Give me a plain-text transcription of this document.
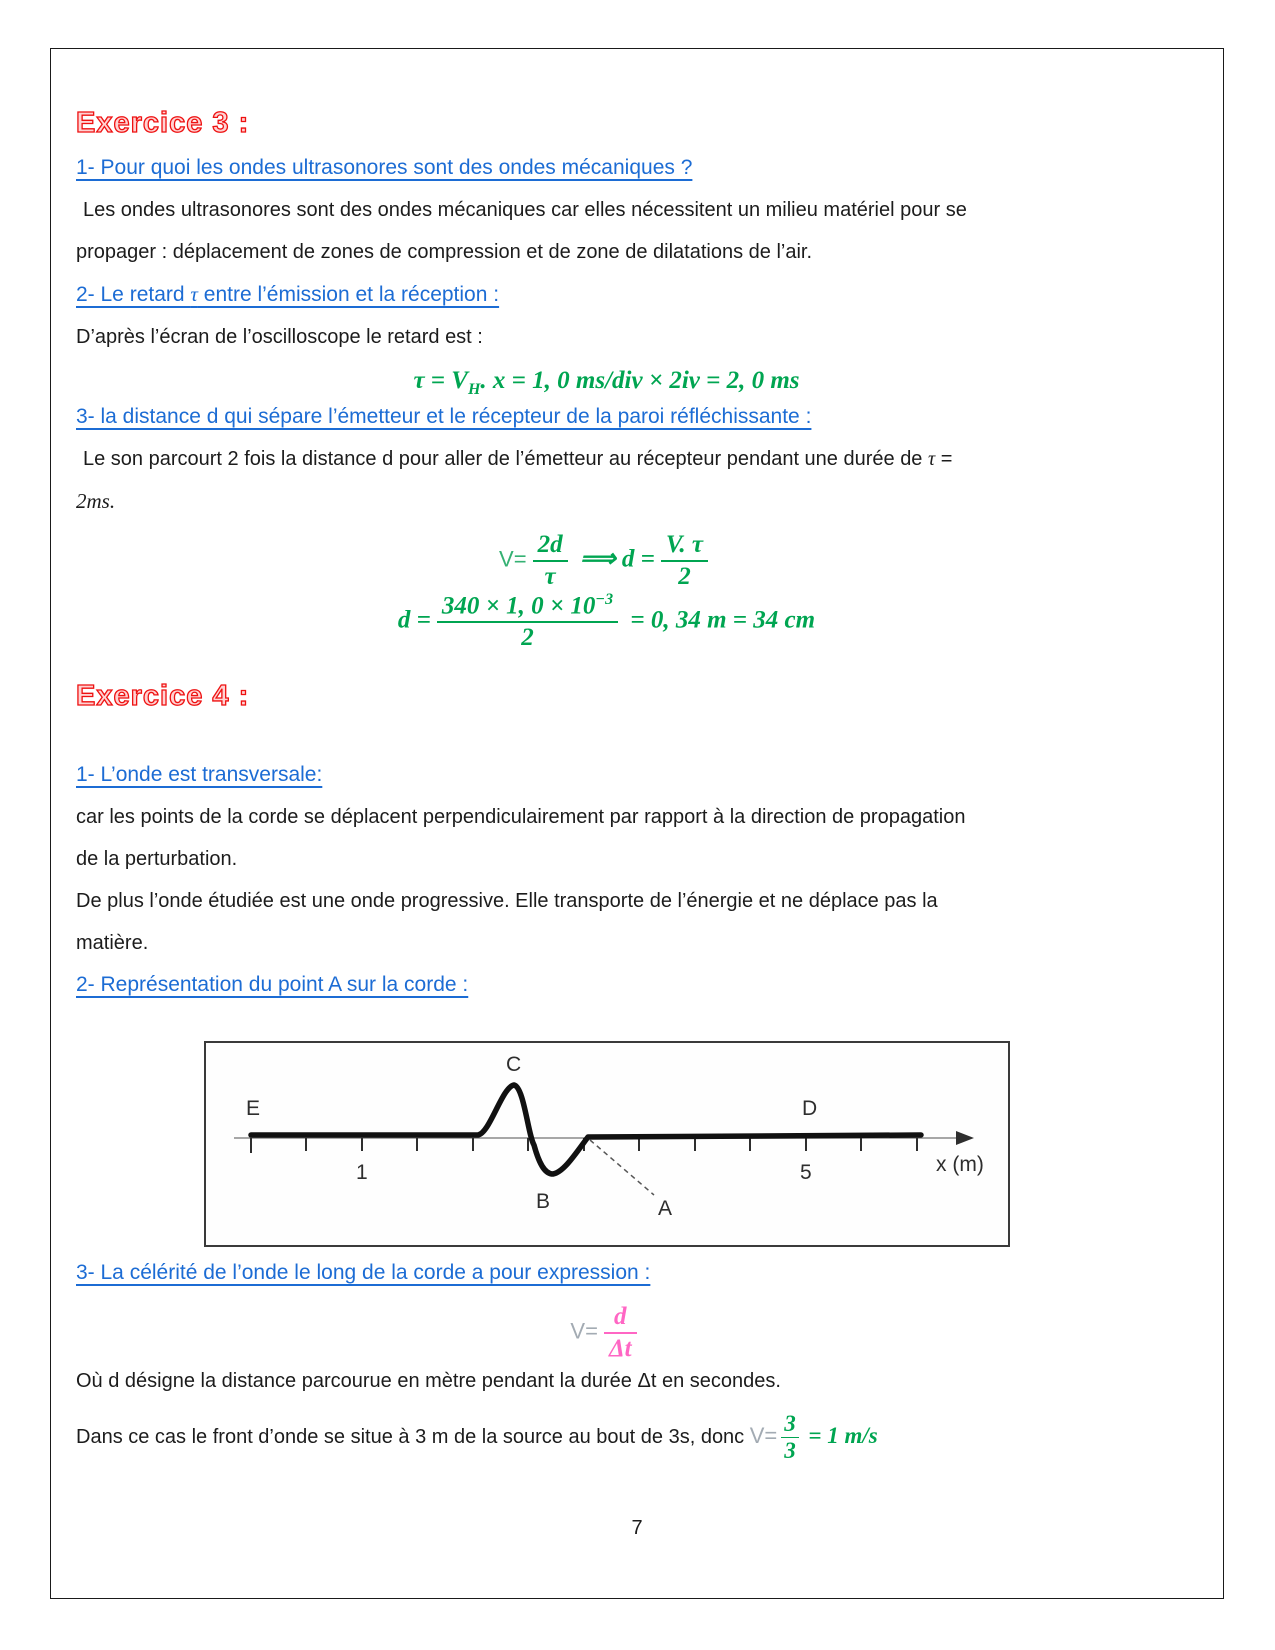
Exercice 3 :
1- Pour quoi les ondes ultrasonores sont des ondes mécaniques ?
Les ondes ultrasonores sont des ondes mécaniques car elles nécessitent un milieu matériel pour se
propager : déplacement de zones de compression et de zone de dilatations de l’air.
2- Le retard τ entre l’émission et la réception :
D’après l’écran de l’oscilloscope le retard est :
$\tau = V_H$. x = 1, 0 ms/div × 2iv = 2, 0 ms
3- la distance d qui sépare l’émetteur et le récepteur de la paroi réfléchissante :
Le son parcourt 2 fois la distance d pour aller de l’émetteur au récepteur pendant une durée de τ =
2ms.
$V= \frac{2d}{\tau}$ ⟹ $d = \frac{V. \tau}{2}$
$d = \frac{340 \times 1, 0 \times 10^{-3}}{2} = 0$, 34 m = 34 cm
Exercice 4 :
1- L’onde est transversale:
car les points de la corde se déplacent perpendiculairement par rapport à la direction de propagation
de la perturbation.
De plus l’onde étudiée est une onde progressive. Elle transporte de l’énergie et ne déplace pas la
matière.
2- Représentation du point A sur la corde :
E
C
B	A
D
1	5	x (m)
3- La célérité de l’onde le long de la corde a pour expression :
$V= \frac{d}{\Delta t}$
Où d désigne la distance parcourue en mètre pendant la durée Δt en secondes.
Dans ce cas le front d’onde se situe à 3 m de la source au bout de 3s, donc $V= \frac{3}{3} = 1$ m/s
7
